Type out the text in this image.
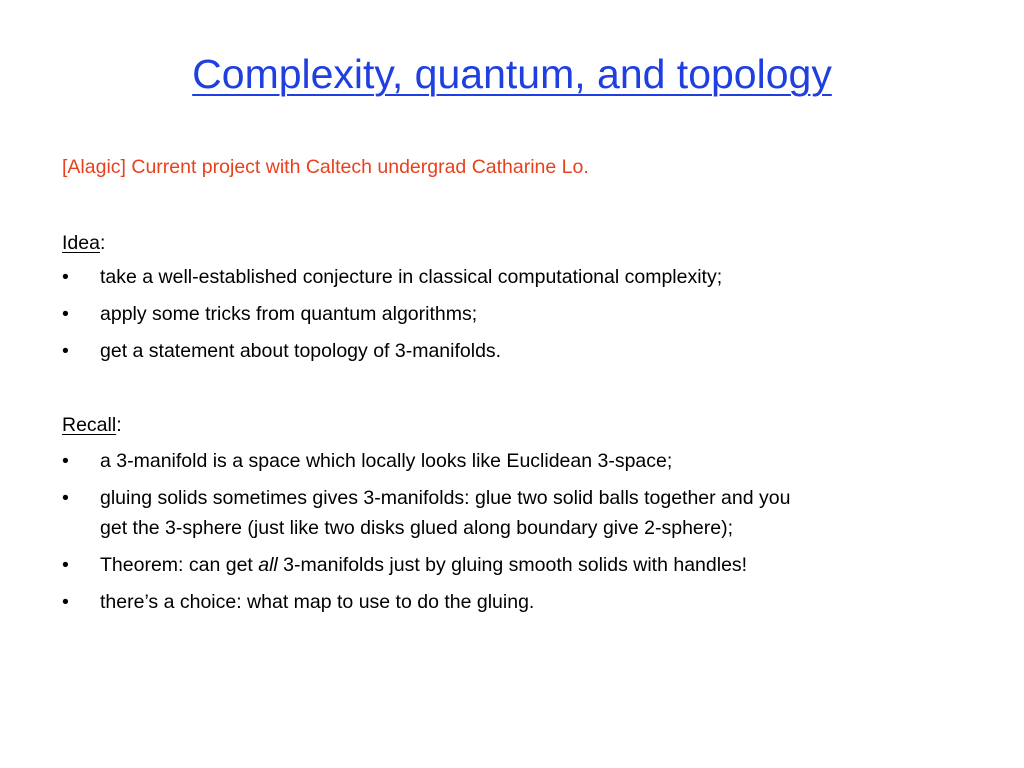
Complexity, quantum, and topology
[Alagic] Current project with Caltech undergrad Catharine Lo.
Idea:
• take a well-established conjecture in classical computational complexity;
• apply some tricks from quantum algorithms;
• get a statement about topology of 3-manifolds.
Recall:
• a 3-manifold is a space which locally looks like Euclidean 3-space;
• gluing solids sometimes gives 3-manifolds: glue two solid balls together and you
get the 3-sphere (just like two disks glued along boundary give 2-sphere);
• Theorem: can get all 3-manifolds just by gluing smooth solids with handles!
• there’s a choice: what map to use to do the gluing.
